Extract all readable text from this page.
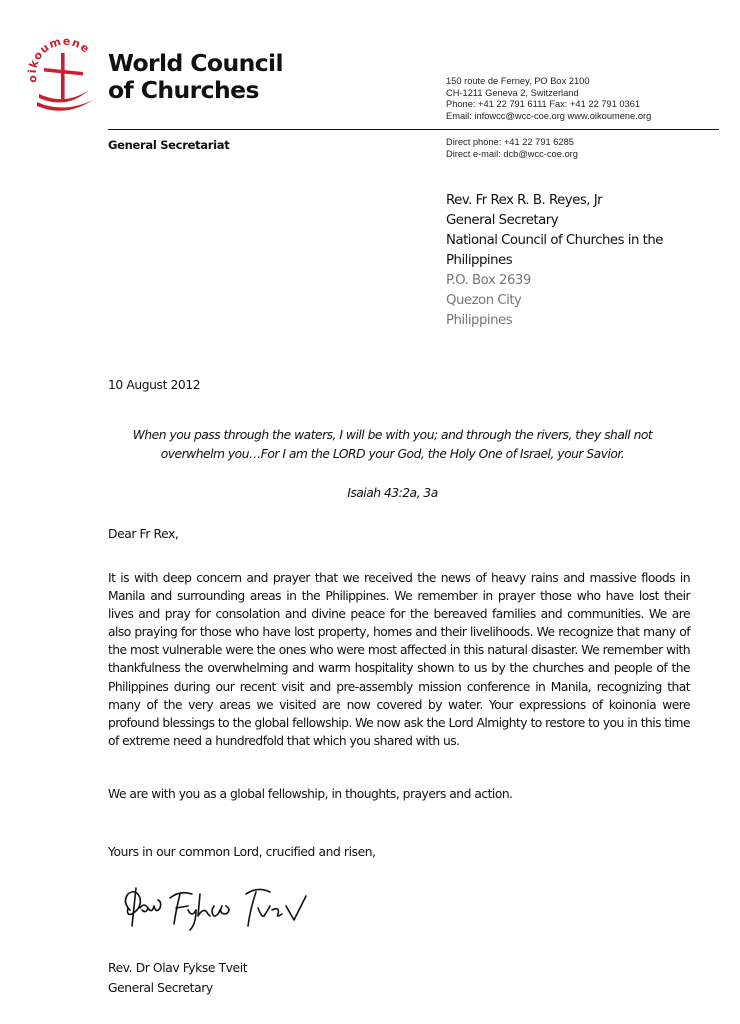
oikoumene
World Council
of Churches	150 route de Ferney, PO Box 2100
CH-1211 Geneva 2, Switzerland
Phone: +41 22 791 6111 Fax: +41 22 791 0361
Email: infowcc@wcc-coe.org www.oikoumene.org
General Secretariat	Direct phone: +41 22 791 6285
Direct e-mail: dcb@wcc-coe.org
Rev. Fr Rex R. B. Reyes, Jr
General Secretary
National Council of Churches in the
Philippines
P.O. Box 2639
Quezon City
Philippines
10 August 2012
When you pass through the waters, I will be with you; and through the rivers, they shall not overwhelm you…For I am the LORD your God, the Holy One of Israel, your Savior.
Isaiah 43:2a, 3a
Dear Fr Rex,
It is with deep concern and prayer that we received the news of heavy rains and massive floods in Manila and surrounding areas in the Philippines. We remember in prayer those who have lost their lives and pray for consolation and divine peace for the bereaved families and communities. We are also praying for those who have lost property, homes and their livelihoods. We recognize that many of the most vulnerable were the ones who were most affected in this natural disaster. We remember with thankfulness the overwhelming and warm hospitality shown to us by the churches and people of the Philippines during our recent visit and pre-assembly mission conference in Manila, recognizing that many of the very areas we visited are now covered by water. Your expressions of koinonia were profound blessings to the global fellowship. We now ask the Lord Almighty to restore to you in this time of extreme need a hundredfold that which you shared with us.
We are with you as a global fellowship, in thoughts, prayers and action.
Yours in our common Lord, crucified and risen,
Rev. Dr Olav Fykse Tveit
General Secretary
